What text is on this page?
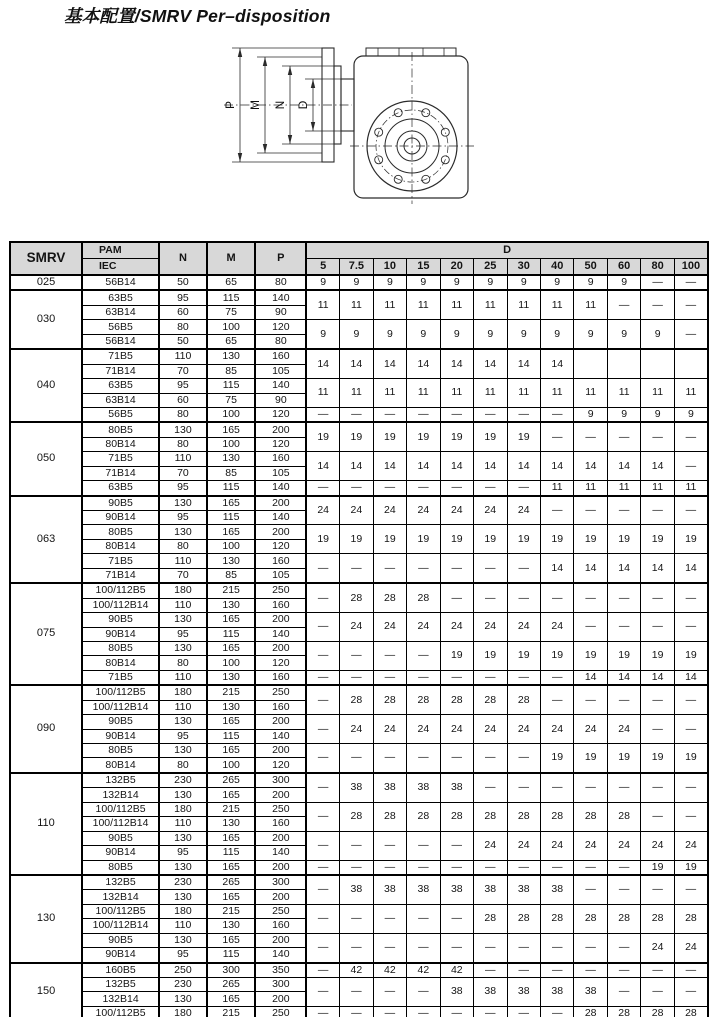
基本配置/SMRV Per–disposition
P M N D
SMRV	PAM	N	M	P	D											
	IEC				5	7.5	10	15	20	25	30	40	50	60	80	100
025	56B14	50	65	80	9	9	9	9	9	9	9	9	9	9	—	—
030	63B5	95	115	140	11	11	11	11	11	11	11	11	11	—	—	—
	63B14	60	75	90												
	56B5	80	100	120	9	9	9	9	9	9	9	9	9	9	9	—
	56B14	50	65	80												
040	71B5	110	130	160	14	14	14	14	14	14	14	14				
	71B14	70	85	105												
	63B5	95	115	140	11	11	11	11	11	11	11	11	11	11	11	11
	63B14	60	75	90												
	56B5	80	100	120	—	—	—	—	—	—	—	—	9	9	9	9
050	80B5	130	165	200	19	19	19	19	19	19	19	—	—	—	—	—
	80B14	80	100	120												
	71B5	110	130	160	14	14	14	14	14	14	14	14	14	14	14	—
	71B14	70	85	105												
	63B5	95	115	140	—	—	—	—	—	—	—	11	11	11	11	11
063	90B5	130	165	200	24	24	24	24	24	24	24	—	—	—	—	—
	90B14	95	115	140												
	80B5	130	165	200	19	19	19	19	19	19	19	19	19	19	19	19
	80B14	80	100	120												
	71B5	110	130	160	—	—	—	—	—	—	—	14	14	14	14	14
	71B14	70	85	105												
075	100/112B5	180	215	250	—	28	28	28	—	—	—	—	—	—	—	—
	100/112B14	110	130	160												
	90B5	130	165	200	—	24	24	24	24	24	24	24	—	—	—	—
	90B14	95	115	140												
	80B5	130	165	200	—	—	—	—	19	19	19	19	19	19	19	19
	80B14	80	100	120												
	71B5	110	130	160	—	—	—	—	—	—	—	—	14	14	14	14
090	100/112B5	180	215	250	—	28	28	28	28	28	28	—	—	—	—	—
	100/112B14	110	130	160												
	90B5	130	165	200	—	24	24	24	24	24	24	24	24	24	—	—
	90B14	95	115	140												
	80B5	130	165	200	—	—	—	—	—	—	—	19	19	19	19	19
	80B14	80	100	120												
110	132B5	230	265	300	—	38	38	38	38	—	—	—	—	—	—	—
	132B14	130	165	200												
	100/112B5	180	215	250	—	28	28	28	28	28	28	28	28	28	—	—
	100/112B14	110	130	160												
	90B5	130	165	200	—	—	—	—	—	24	24	24	24	24	24	24
	90B14	95	115	140												
	80B5	130	165	200	—	—	—	—	—	—	—	—	—	—	19	19
130	132B5	230	265	300	—	38	38	38	38	38	38	38	—	—	—	—
	132B14	130	165	200												
	100/112B5	180	215	250	—	—	—	—	—	28	28	28	28	28	28	28
	100/112B14	110	130	160												
	90B5	130	165	200	—	—	—	—	—	—	—	—	—	—	24	24
	90B14	95	115	140												
150	160B5	250	300	350	—	42	42	42	42	—	—	—	—	—	—	—
	132B5	230	265	300	—	—	—	—	38	38	38	38	38	—	—	—
	132B14	130	165	200												
	100/112B5	180	215	250	—	—	—	—	—	—	—	—	28	28	28	28
